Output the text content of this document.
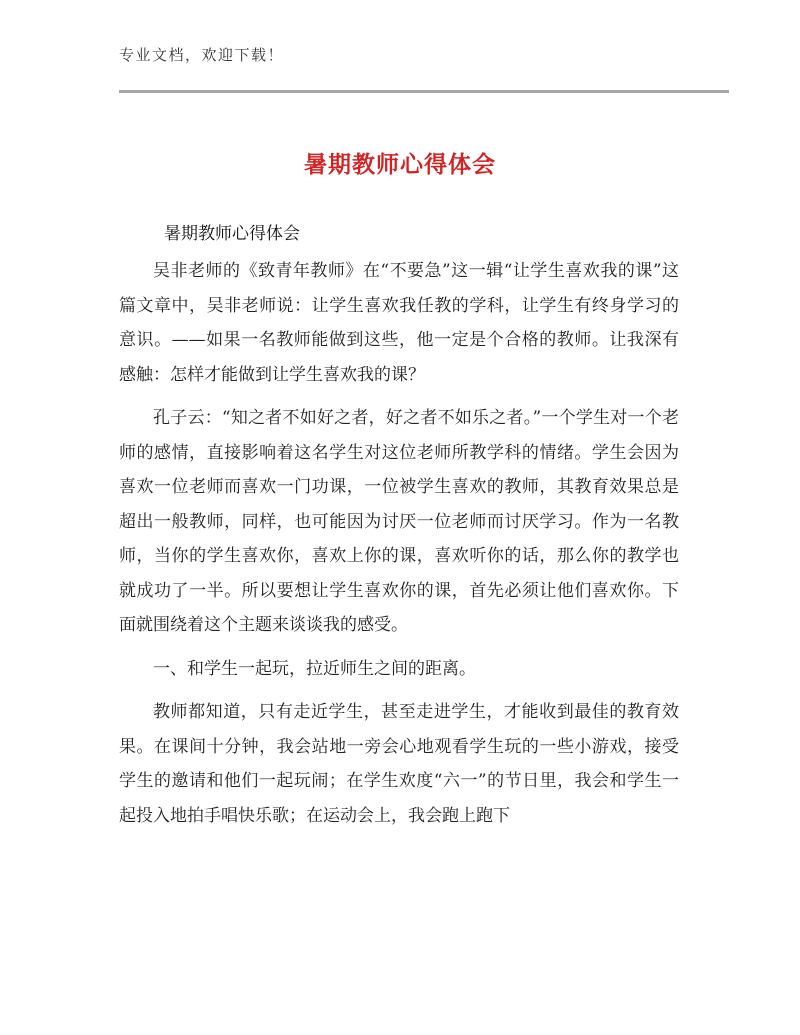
专业文档，欢迎下载！
暑期教师心得体会
暑期教师心得体会

吴非老师的《致青年教师》在“不要急”这一辑“让学生喜欢我的课”这篇文章中，吴非老师说：让学生喜欢我任教的学科，让学生有终身学习的意识。——如果一名教师能做到这些，他一定是个合格的教师。让我深有感触：怎样才能做到让学生喜欢我的课？

孔子云：“知之者不如好之者，好之者不如乐之者。”一个学生对一个老师的感情，直接影响着这名学生对这位老师所教学科的情绪。学生会因为喜欢一位老师而喜欢一门功课，一位被学生喜欢的教师，其教育效果总是超出一般教师，同样，也可能因为讨厌一位老师而讨厌学习。作为一名教师，当你的学生喜欢你，喜欢上你的课，喜欢听你的话，那么你的教学也就成功了一半。所以要想让学生喜欢你的课，首先必须让他们喜欢你。下面就围绕着这个主题来谈谈我的感受。

一、和学生一起玩，拉近师生之间的距离。

教师都知道，只有走近学生，甚至走进学生，才能收到最佳的教育效果。在课间十分钟，我会站地一旁会心地观看学生玩的一些小游戏，接受学生的邀请和他们一起玩闹；在学生欢度“六一”的节日里，我会和学生一起投入地拍手唱快乐歌；在运动会上，我会跑上跑下
